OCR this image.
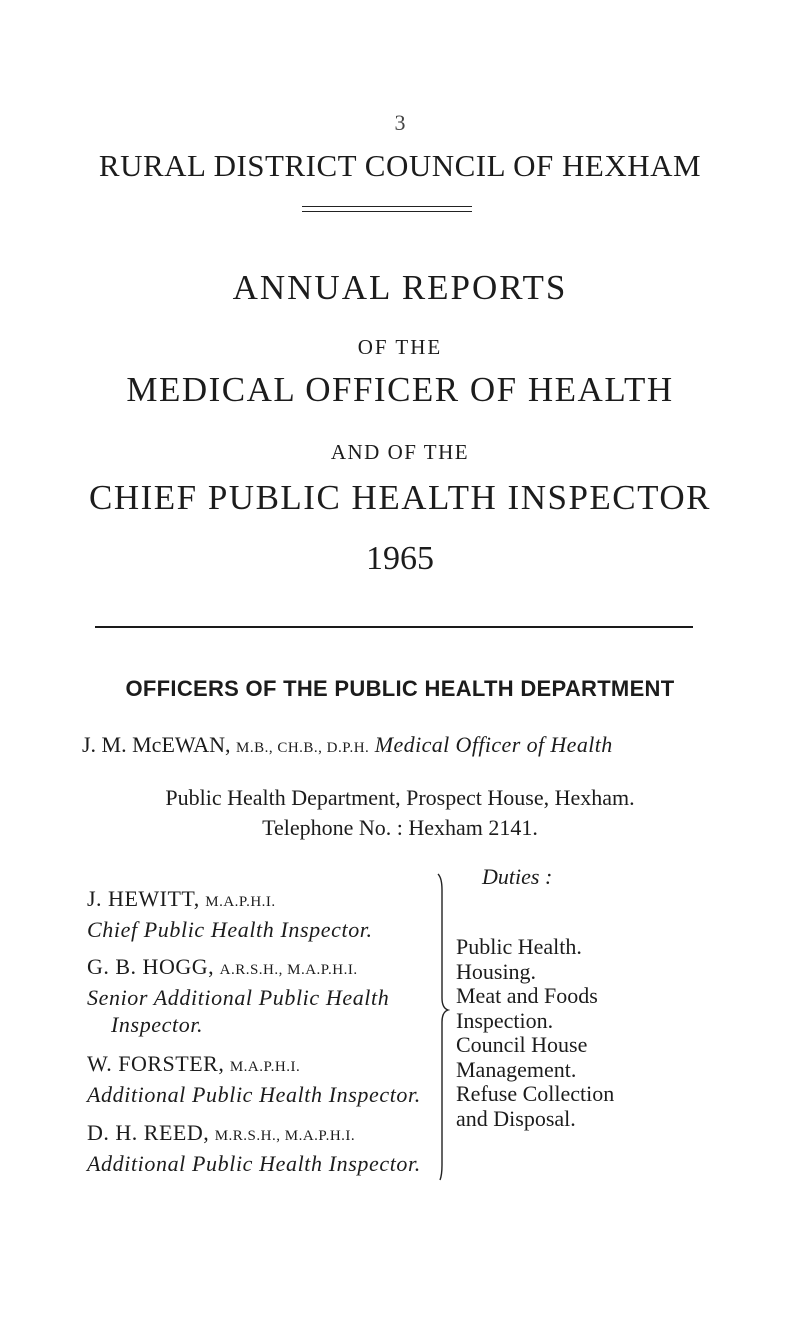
3
RURAL DISTRICT COUNCIL OF HEXHAM
ANNUAL REPORTS
OF THE
MEDICAL OFFICER OF HEALTH
AND OF THE
CHIEF PUBLIC HEALTH INSPECTOR
1965
OFFICERS OF THE PUBLIC HEALTH DEPARTMENT
J. M. McEWAN, M.B., CH.B., D.P.H. Medical Officer of Health
Public Health Department, Prospect House, Hexham.
Telephone No. : Hexham 2141.
Duties :
J. HEWITT, M.A.P.H.I.
Chief Public Health Inspector.
G. B. HOGG, A.R.S.H., M.A.P.H.I.
Senior Additional Public Health
Inspector.
W. FORSTER, M.A.P.H.I.
Additional Public Health Inspector.
D. H. REED, M.R.S.H., M.A.P.H.I.
Additional Public Health Inspector.
Public Health.
Housing.
Meat and Foods
Inspection.
Council House
Management.
Refuse Collection
and Disposal.
